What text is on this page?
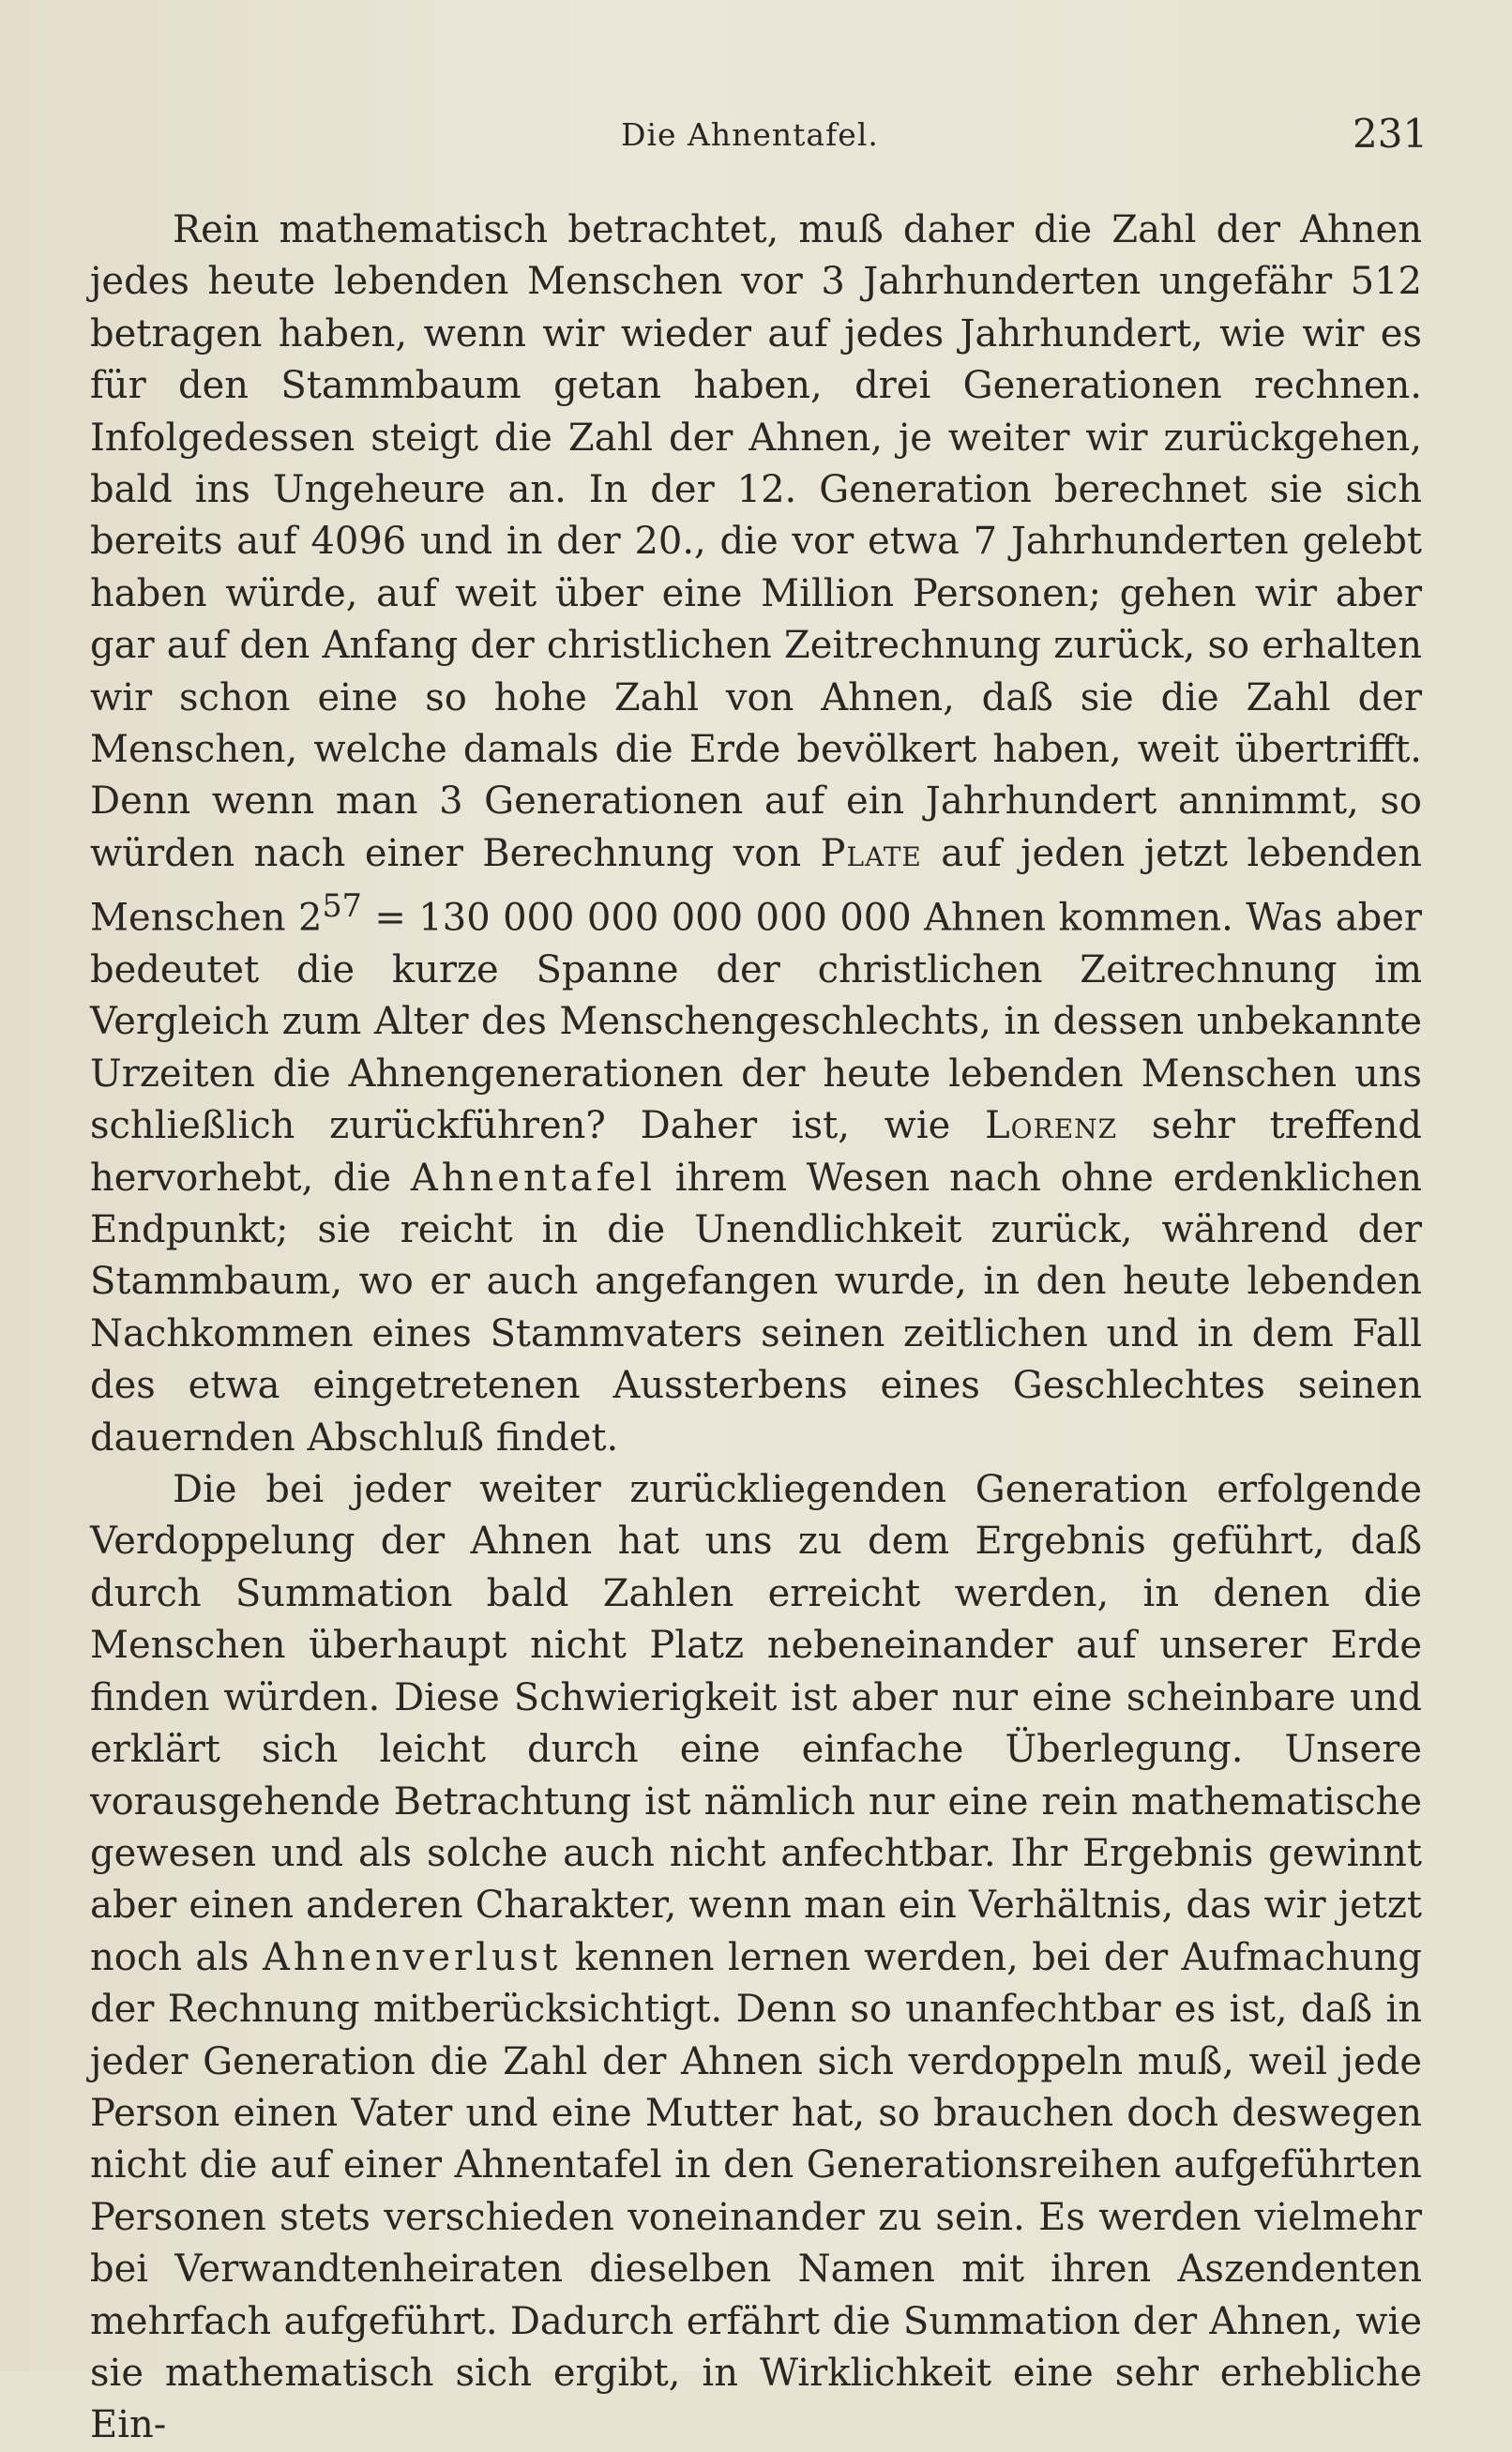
Die Ahnentafel.	231

Rein mathematisch betrachtet, muß daher die Zahl der Ahnen jedes heute lebenden Menschen vor 3 Jahrhunderten ungefähr 512 betragen haben, wenn wir wieder auf jedes Jahrhundert, wie wir es für den Stammbaum getan haben, drei Generationen rechnen. Infolgedessen steigt die Zahl der Ahnen, je weiter wir zurückgehen, bald ins Ungeheure an. In der 12. Generation berechnet sie sich bereits auf 4096 und in der 20., die vor etwa 7 Jahrhunderten gelebt haben würde, auf weit über eine Million Personen; gehen wir aber gar auf den Anfang der christlichen Zeitrechnung zurück, so erhalten wir schon eine so hohe Zahl von Ahnen, daß sie die Zahl der Menschen, welche damals die Erde bevölkert haben, weit übertrifft. Denn wenn man 3 Generationen auf ein Jahrhundert annimmt, so würden nach einer Berechnung von Plate auf jeden jetzt lebenden Menschen $2^{57} = 130$ 000 000 000 000 000 Ahnen kommen. Was aber bedeutet die kurze Spanne der christlichen Zeitrechnung im Vergleich zum Alter des Menschengeschlechts, in dessen unbekannte Urzeiten die Ahnengenerationen der heute lebenden Menschen uns schließlich zurückführen? Daher ist, wie Lorenz sehr treffend hervorhebt, die Ahnentafel ihrem Wesen nach ohne erdenklichen Endpunkt; sie reicht in die Unendlichkeit zurück, während der Stammbaum, wo er auch angefangen wurde, in den heute lebenden Nachkommen eines Stammvaters seinen zeitlichen und in dem Fall des etwa eingetretenen Aussterbens eines Geschlechtes seinen dauernden Abschluß findet.

Die bei jeder weiter zurückliegenden Generation erfolgende Verdoppelung der Ahnen hat uns zu dem Ergebnis geführt, daß durch Summation bald Zahlen erreicht werden, in denen die Menschen überhaupt nicht Platz nebeneinander auf unserer Erde finden würden. Diese Schwierigkeit ist aber nur eine scheinbare und erklärt sich leicht durch eine einfache Überlegung. Unsere vorausgehende Betrachtung ist nämlich nur eine rein mathematische gewesen und als solche auch nicht anfechtbar. Ihr Ergebnis gewinnt aber einen anderen Charakter, wenn man ein Verhältnis, das wir jetzt noch als Ahnenverlust kennen lernen werden, bei der Aufmachung der Rechnung mitberücksichtigt. Denn so unanfechtbar es ist, daß in jeder Generation die Zahl der Ahnen sich verdoppeln muß, weil jede Person einen Vater und eine Mutter hat, so brauchen doch deswegen nicht die auf einer Ahnentafel in den Generationsreihen aufgeführten Personen stets verschieden voneinander zu sein. Es werden vielmehr bei Verwandtenheiraten dieselben Namen mit ihren Aszendenten mehrfach aufgeführt. Dadurch erfährt die Summation der Ahnen, wie sie mathematisch sich ergibt, in Wirklichkeit eine sehr erhebliche Ein-
